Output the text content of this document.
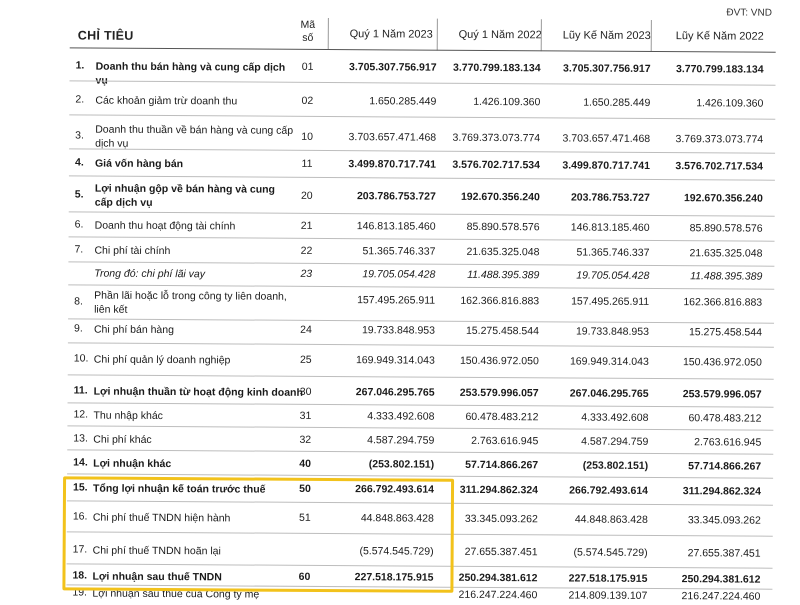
ĐVT: VND
CHỈ TIÊU
Mã số	Quý 1 Năm 2023	Quý 1 Năm 2022	Lũy Kế Năm 2023	Lũy Kế Năm 2022
1.	Doanh thu bán hàng và cung cấp dịch vụ
01	3.705.307.756.917	3.770.799.183.134	3.705.307.756.917	3.770.799.183.134
2.	Các khoản giảm trừ doanh thu	02	1.650.285.449	1.426.109.360	1.650.285.449	1.426.109.360
3.	Doanh thu thuần về bán hàng và cung cấp dịch vụ
10	3.703.657.471.468	3.769.373.073.774	3.703.657.471.468	3.769.373.073.774
4.	Giá vốn hàng bán	11	3.499.870.717.741	3.576.702.717.534	3.499.870.717.741	3.576.702.717.534
5.	Lợi nhuận gộp về bán hàng và cung cấp dịch vụ
20	203.786.753.727	192.670.356.240	203.786.753.727	192.670.356.240
6.	Doanh thu hoạt động tài chính	21	146.813.185.460	85.890.578.576	146.813.185.460	85.890.578.576
7.	Chi phí tài chính	22	51.365.746.337	21.635.325.048	51.365.746.337	21.635.325.048
Trong đó: chi phí lãi vay	23	19.705.054.428	11.488.395.389	19.705.054.428	11.488.395.389
8.	Phần lãi hoặc lỗ trong công ty liên doanh, liên kết
157.495.265.911	162.366.816.883	157.495.265.911	162.366.816.883
9.	Chi phí bán hàng	24	19.733.848.953	15.275.458.544	19.733.848.953	15.275.458.544
10. Chi phí quản lý doanh nghiệp	25	169.949.314.043	150.436.972.050	169.949.314.043	150.436.972.050
11. Lợi nhuận thuần từ hoạt động kinh doanh
30	267.046.295.765	253.579.996.057	267.046.295.765	253.579.996.057
12. Thu nhập khác	31	4.333.492.608	60.478.483.212	4.333.492.608	60.478.483.212
13. Chi phí khác	32	4.587.294.759	2.763.616.945	4.587.294.759	2.763.616.945
14. Lợi nhuận khác	40	(253.802.151)	57.714.866.267	(253.802.151)	57.714.866.267
15. Tổng lợi nhuận kế toán trước thuế	50	266.792.493.614	311.294.862.324	266.792.493.614	311.294.862.324
16. Chi phí thuế TNDN hiện hành	51	44.848.863.428	33.345.093.262	44.848.863.428	33.345.093.262
17. Chi phí thuế TNDN hoãn lại	(5.574.545.729)	27.655.387.451	(5.574.545.729)	27.655.387.451
18. Lợi nhuận sau thuế TNDN	60	227.518.175.915	250.294.381.612	227.518.175.915	250.294.381.612
19. Lợi nhuận sau thuế của Công ty mẹ	216.247.224.460	214.809.139.107	216.247.224.460
